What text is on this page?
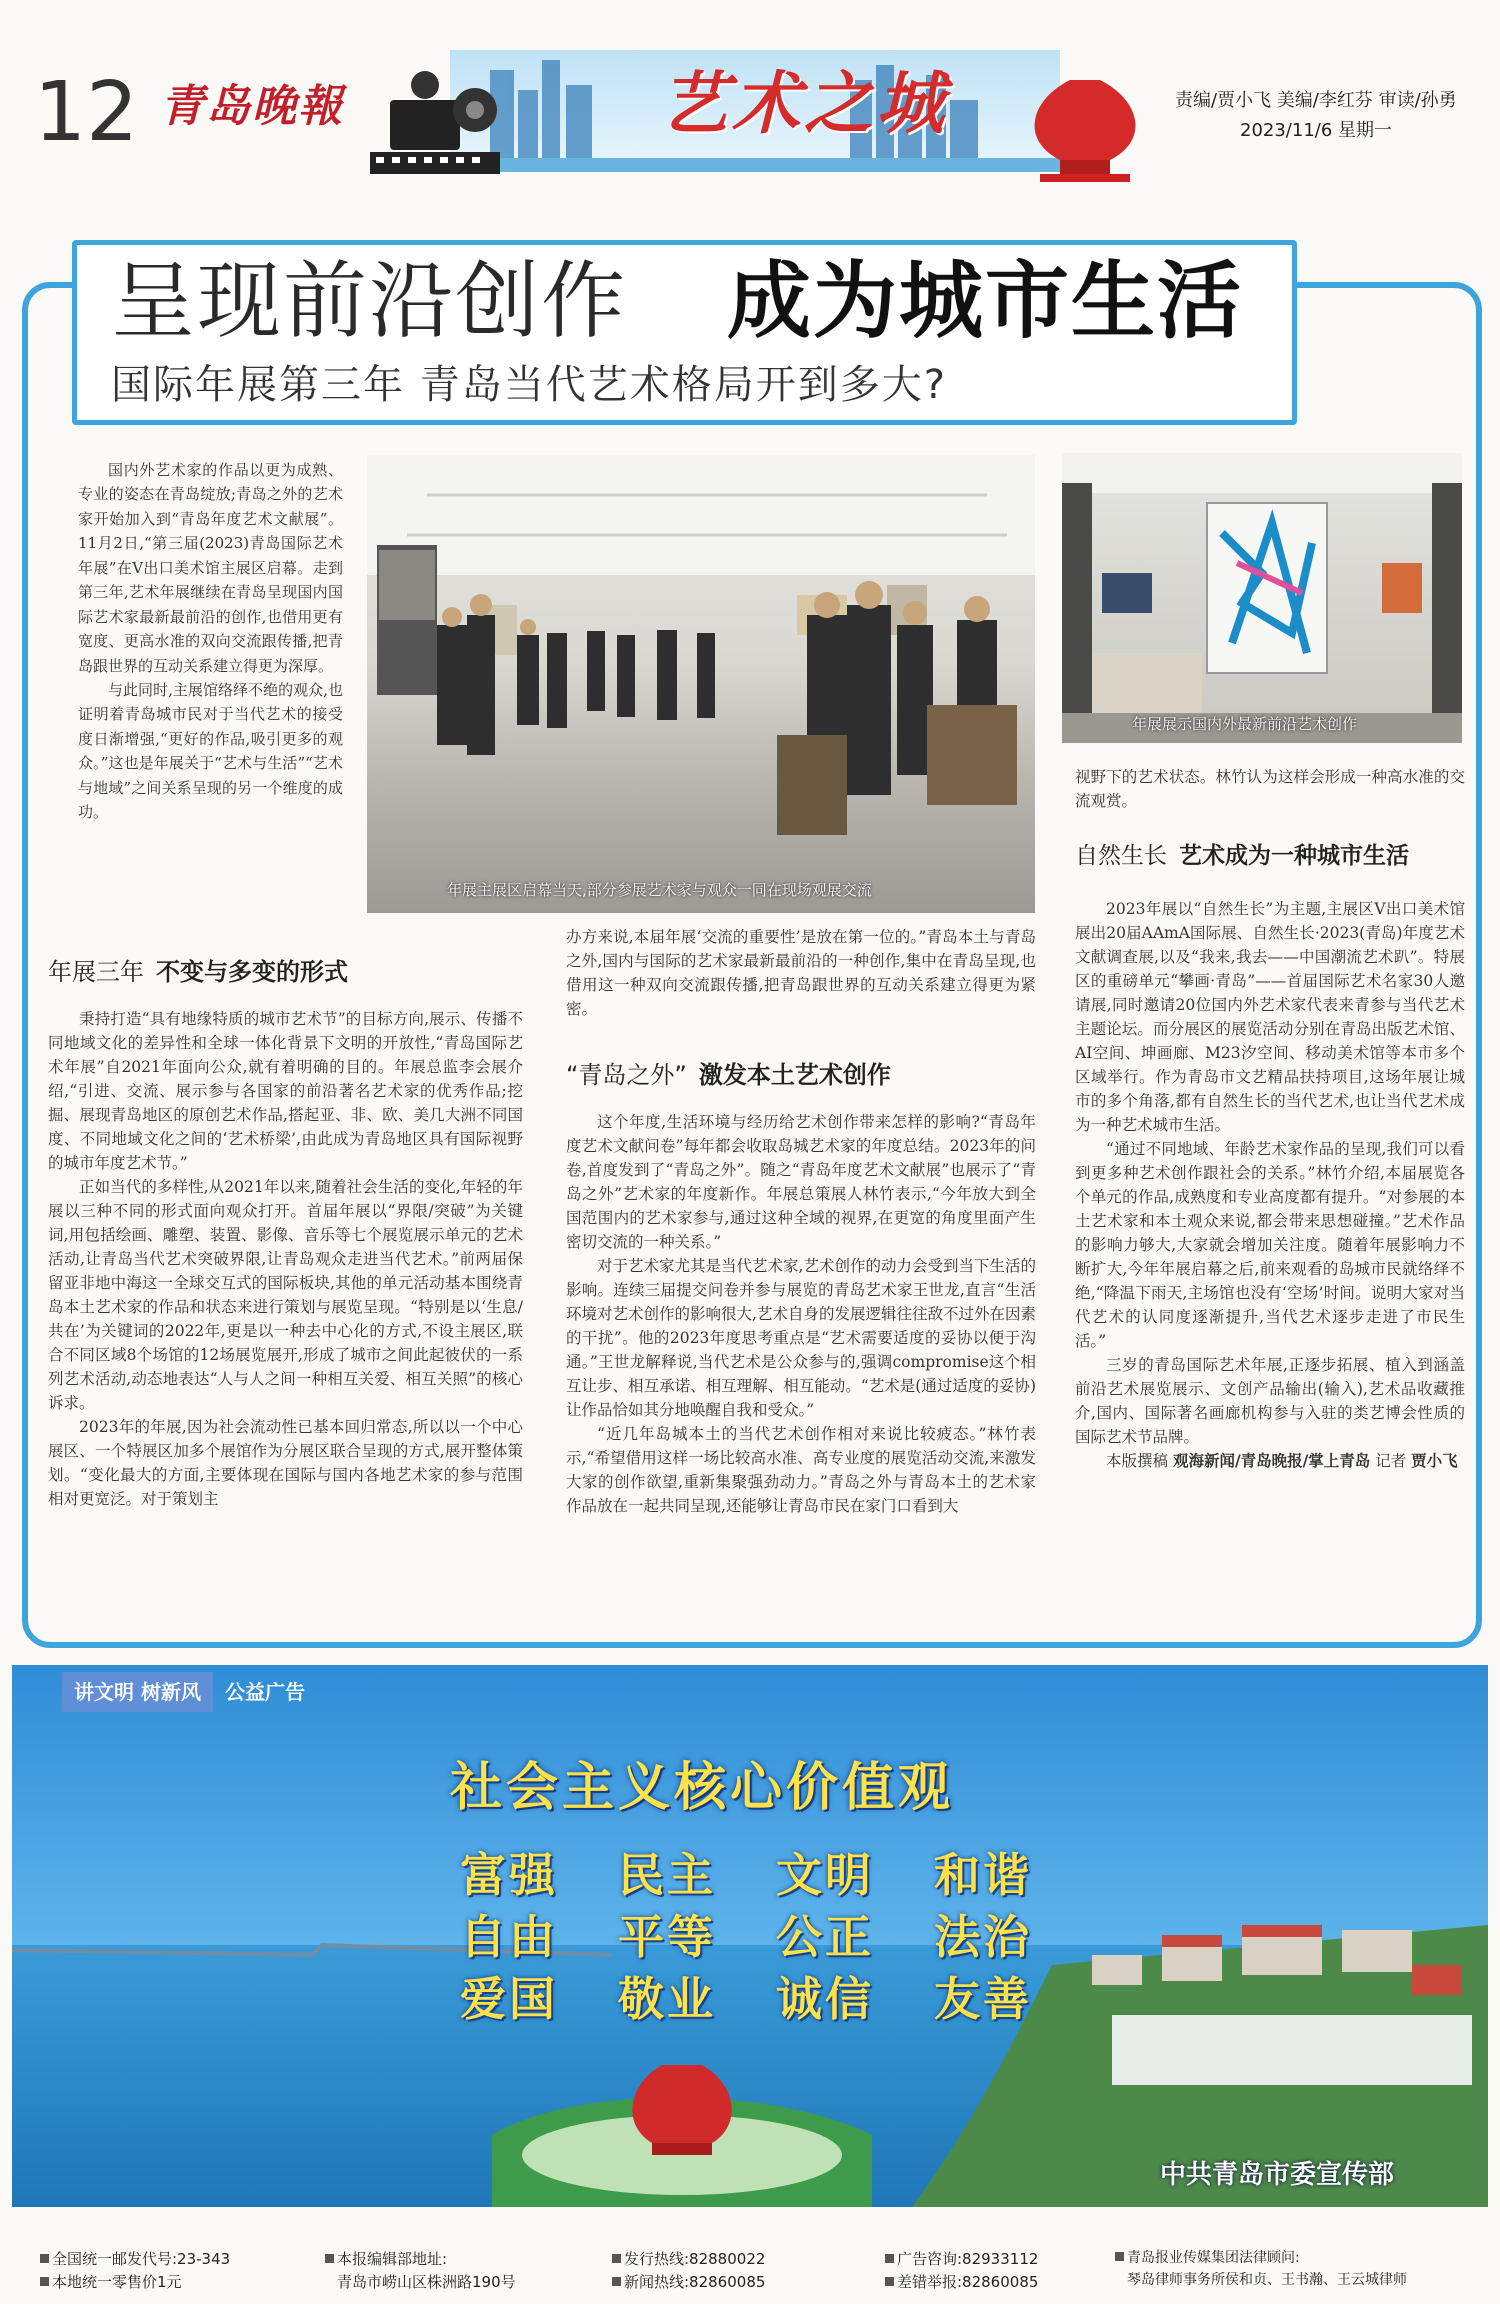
12 青岛晚報	艺术之城	责编/贾小飞 美编/李红芬 审读/孙勇
2023/11/6 星期一
呈现前沿创作 成为城市生活
国际年展第三年 青岛当代艺术格局开到多大?

国内外艺术家的作品以更为成熟、专业的姿态在青岛绽放;青岛之外的艺术家开始加入到“青岛年度艺术文献展”。11月2日,“第三届(2023)青岛国际艺术年展”在V出口美术馆主展区启幕。走到第三年,艺术年展继续在青岛呈现国内国际艺术家最新最前沿的创作,也借用更有宽度、更高水准的双向交流跟传播,把青岛跟世界的互动关系建立得更为深厚。

与此同时,主展馆络绎不绝的观众,也证明着青岛城市民对于当代艺术的接受度日渐增强,“更好的作品,吸引更多的观众。”这也是年展关于“艺术与生活”“艺术与地域”之间关系呈现的另一个维度的成功。

年展主展区启幕当天,部分参展艺术家与观众一同在现场观展交流
年展展示国内外最新前沿艺术创作
年展三年 不变与多变的形式

秉持打造“具有地缘特质的城市艺术节”的目标方向,展示、传播不同地域文化的差异性和全球一体化背景下文明的开放性,“青岛国际艺术年展”自2021年面向公众,就有着明确的目的。年展总监李会展介绍,“引进、交流、展示参与各国家的前沿著名艺术家的优秀作品;挖掘、展现青岛地区的原创艺术作品,搭起亚、非、欧、美几大洲不同国度、不同地域文化之间的‘艺术桥梁’,由此成为青岛地区具有国际视野的城市年度艺术节。”

正如当代的多样性,从2021年以来,随着社会生活的变化,年轻的年展以三种不同的形式面向观众打开。首届年展以“界限/突破”为关键词,用包括绘画、雕塑、装置、影像、音乐等七个展览展示单元的艺术活动,让青岛当代艺术突破界限,让青岛观众走进当代艺术。”前两届保留亚非地中海这一全球交互式的国际板块,其他的单元活动基本围绕青岛本土艺术家的作品和状态来进行策划与展览呈现。“特别是以‘生息/共在’为关键词的2022年,更是以一种去中心化的方式,不设主展区,联合不同区域8个场馆的12场展览展开,形成了城市之间此起彼伏的一系列艺术活动,动态地表达“人与人之间一种相互关爱、相互关照”的核心诉求。

2023年的年展,因为社会流动性已基本回归常态,所以以一个中心展区、一个特展区加多个展馆作为分展区联合呈现的方式,展开整体策划。“变化最大的方面,主要体现在国际与国内各地艺术家的参与范围相对更宽泛。对于策划主

办方来说,本届年展‘交流的重要性’是放在第一位的。”青岛本土与青岛之外,国内与国际的艺术家最新最前沿的一种创作,集中在青岛呈现,也借用这一种双向交流跟传播,把青岛跟世界的互动关系建立得更为紧密。

“青岛之外” 激发本土艺术创作

这个年度,生活环境与经历给艺术创作带来怎样的影响?“青岛年度艺术文献问卷”每年都会收取岛城艺术家的年度总结。2023年的问卷,首度发到了“青岛之外”。随之“青岛年度艺术文献展”也展示了“青岛之外”艺术家的年度新作。年展总策展人林竹表示,“今年放大到全国范围内的艺术家参与,通过这种全域的视界,在更宽的角度里面产生密切交流的一种关系。”

对于艺术家尤其是当代艺术家,艺术创作的动力会受到当下生活的影响。连续三届提交问卷并参与展览的青岛艺术家王世龙,直言“生活环境对艺术创作的影响很大,艺术自身的发展逻辑往往敌不过外在因素的干扰”。他的2023年度思考重点是“艺术需要适度的妥协以便于沟通。”王世龙解释说,当代艺术是公众参与的,强调compromise这个相互让步、相互承诺、相互理解、相互能动。“艺术是(通过适度的妥协)让作品恰如其分地唤醒自我和受众。”

“近几年岛城本土的当代艺术创作相对来说比较疲态。”林竹表示,“希望借用这样一场比较高水准、高专业度的展览活动交流,来激发大家的创作欲望,重新集聚强劲动力。”青岛之外与青岛本土的艺术家作品放在一起共同呈现,还能够让青岛市民在家门口看到大

视野下的艺术状态。林竹认为这样会形成一种高水准的交流观赏。

自然生长 艺术成为一种城市生活

2023年展以“自然生长”为主题,主展区V出口美术馆展出20届AAmA国际展、自然生长·2023(青岛)年度艺术文献调查展,以及“我来,我去——中国潮流艺术趴”。特展区的重磅单元“攀画·青岛”——首届国际艺术名家30人邀请展,同时邀请20位国内外艺术家代表来青参与当代艺术主题论坛。而分展区的展览活动分别在青岛出版艺术馆、AI空间、坤画廊、M23汐空间、移动美术馆等本市多个区域举行。作为青岛市文艺精品扶持项目,这场年展让城市的多个角落,都有自然生长的当代艺术,也让当代艺术成为一种艺术城市生活。

“通过不同地域、年龄艺术家作品的呈现,我们可以看到更多种艺术创作跟社会的关系。”林竹介绍,本届展览各个单元的作品,成熟度和专业高度都有提升。“对参展的本土艺术家和本土观众来说,都会带来思想碰撞。”艺术作品的影响力够大,大家就会增加关注度。随着年展影响力不断扩大,今年年展启幕之后,前来观看的岛城市民就络绎不绝,“降温下雨天,主场馆也没有‘空场’时间。说明大家对当代艺术的认同度逐渐提升,当代艺术逐步走进了市民生活。”

三岁的青岛国际艺术年展,正逐步拓展、植入到涵盖前沿艺术展览展示、文创产品输出(输入),艺术品收藏推介,国内、国际著名画廊机构参与入驻的类艺博会性质的国际艺术节品牌。

本版撰稿 观海新闻/青岛晚报/掌上青岛 记者 贾小飞

讲文明 树新风 公益广告
社会主义核心价值观
富强 民主 文明 和谐
自由 平等 公正 法治
爱国 敬业 诚信 友善
中共青岛市委宣传部
全国统一邮发代号:23-343
本地统一零售价1元
本报编辑部地址:
青岛市崂山区株洲路190号
发行热线:82880022
新闻热线:82860085
广告咨询:82933112
差错举报:82860085
青岛报业传媒集团法律顾问:
琴岛律师事务所侯和贞、王书瀚、王云城律师
